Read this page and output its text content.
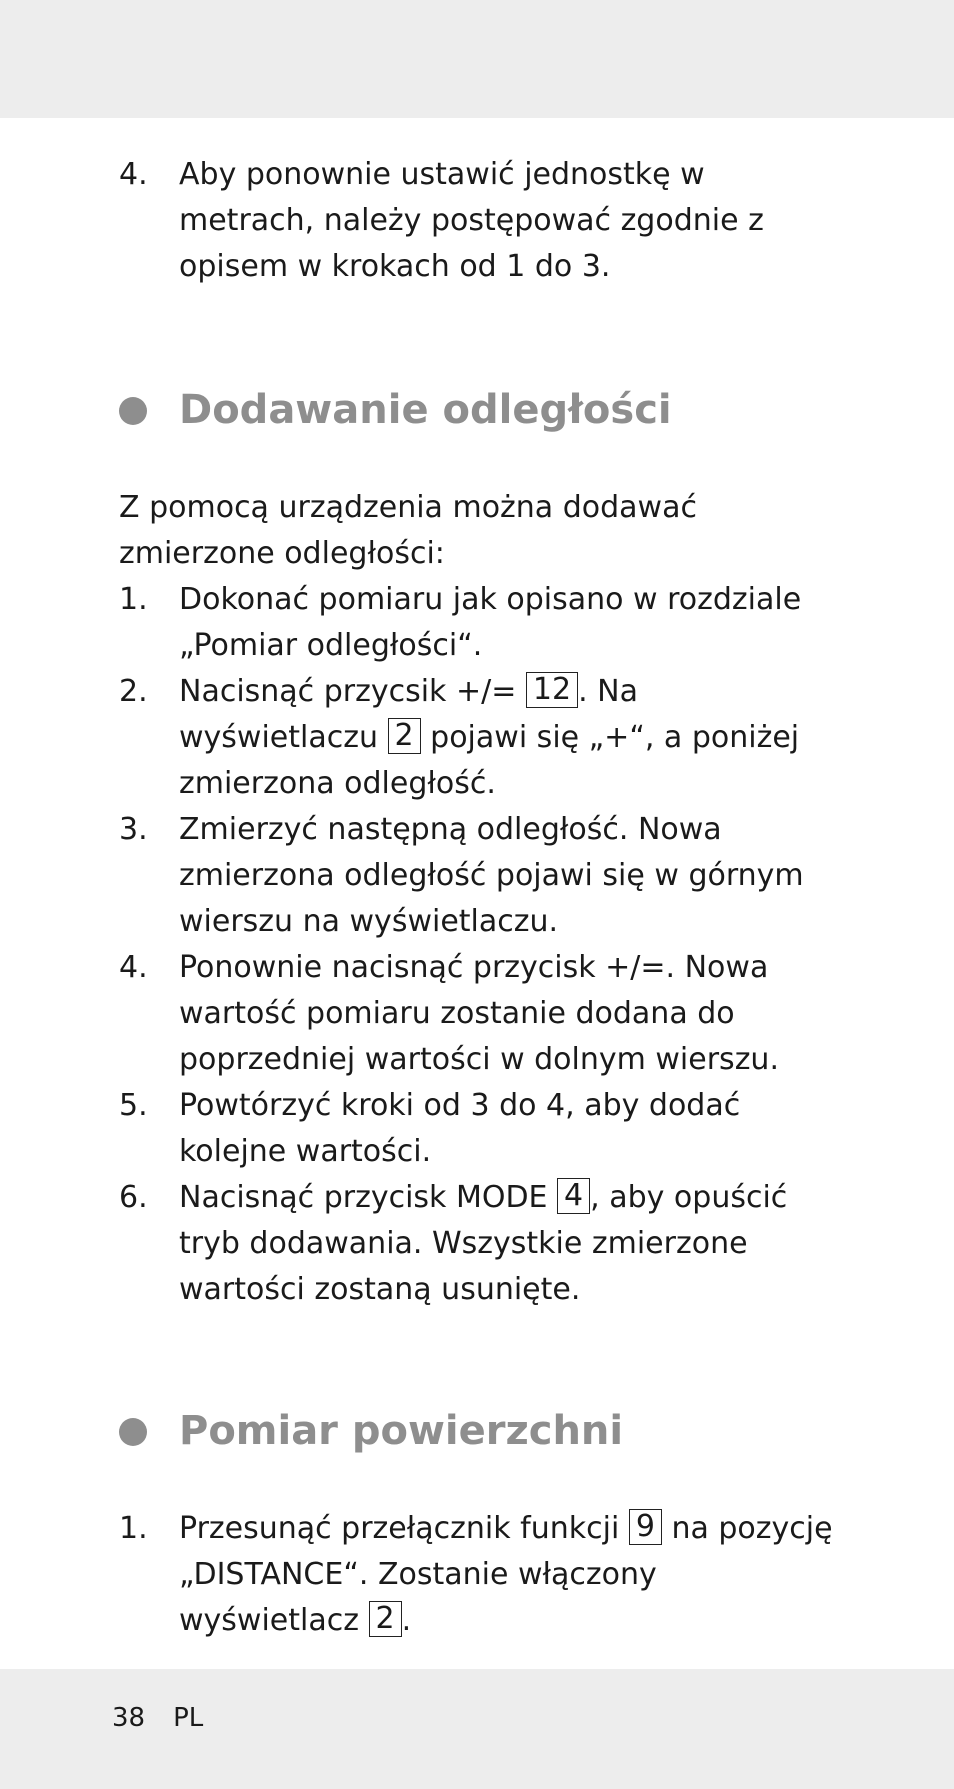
4. Aby ponownie ustawić jednostkę w metrach, należy postępować zgodnie z opisem w krokach od 1 do 3.
Dodawanie odległości

Z pomocą urządzenia można dodawać zmierzone odległości:

1. Dokonać pomiaru jak opisano w rozdziale „Pomiar odległości“.
2. Nacisnąć przycsik +/= 12 . Na wyświetlaczu 2 pojawi się „+“, a poniżej zmierzona odległość.
3. Zmierzyć następną odległość. Nowa zmierzona odległość pojawi się w górnym wierszu na wyświetlaczu.
4. Ponownie nacisnąć przycisk +/=. Nowa wartość pomiaru zostanie dodana do poprzedniej wartości w dolnym wierszu.
5. Powtórzyć kroki od 3 do 4, aby dodać kolejne wartości.
6. Nacisnąć przycisk MODE 4 , aby opuścić tryb dodawania. Wszystkie zmierzone wartości zostaną usunięte.
Pomiar powierzchni
1. Przesunąć przełącznik funkcji 9 na pozycję „DISTANCE“. Zostanie włączony wyświetlacz 2 .
38 PL
